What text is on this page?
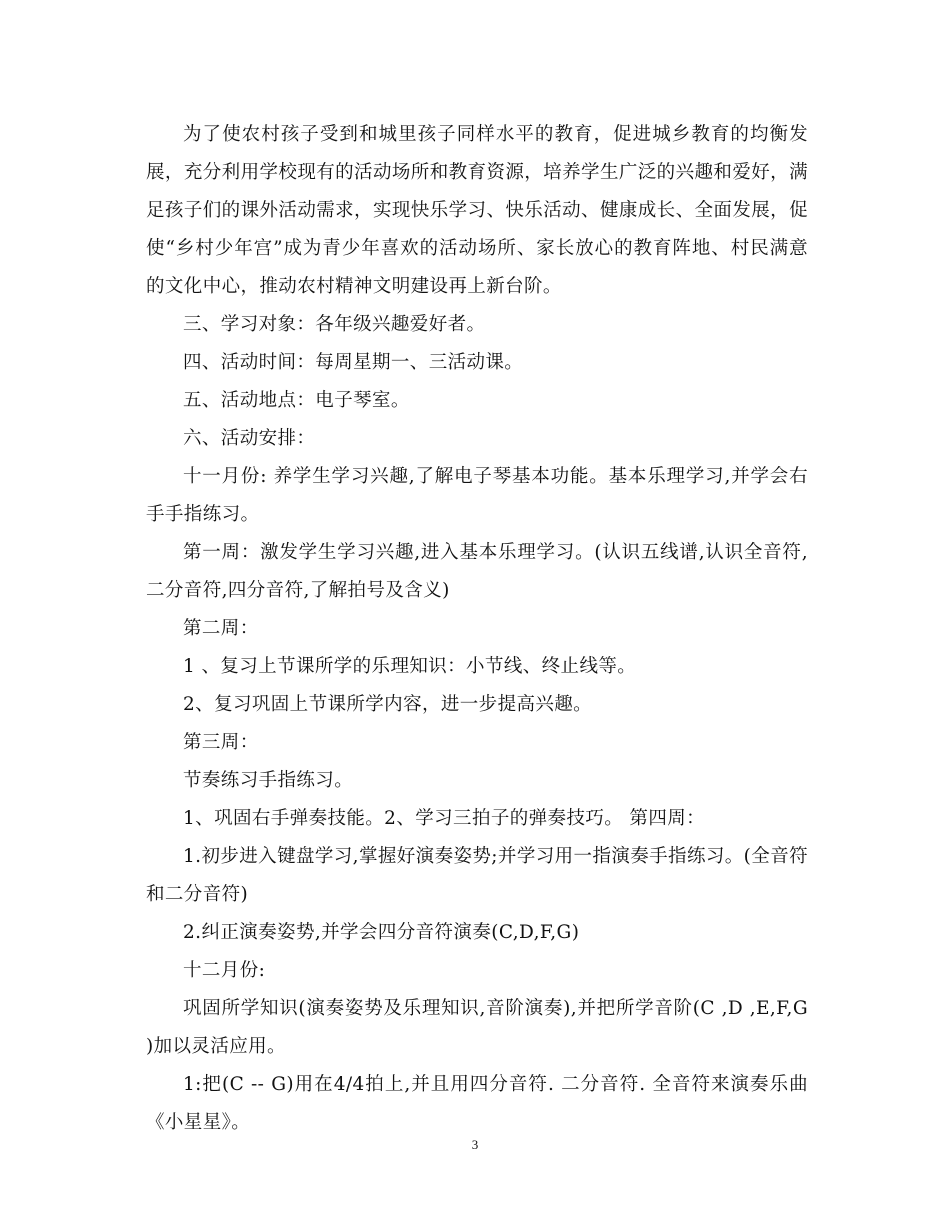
为了使农村孩子受到和城里孩子同样水平的教育，促进城乡教育的均衡发展，充分利用学校现有的活动场所和教育资源，培养学生广泛的兴趣和爱好，满足孩子们的课外活动需求，实现快乐学习、快乐活动、健康成长、全面发展，促使“乡村少年宫”成为青少年喜欢的活动场所、家长放心的教育阵地、村民满意的文化中心，推动农村精神文明建设再上新台阶。

三、学习对象：各年级兴趣爱好者。

四、活动时间：每周星期一、三活动课。

五、活动地点：电子琴室。

六、活动安排：

十一月份: 养学生学习兴趣,了解电子琴基本功能。基本乐理学习,并学会右手手指练习。

第一周：激发学生学习兴趣,进入基本乐理学习。(认识五线谱,认识全音符,二分音符,四分音符,了解拍号及含义)

第二周：

1 、复习上节课所学的乐理知识：小节线、终止线等。

2、复习巩固上节课所学内容，进一步提高兴趣。

第三周：

节奏练习手指练习。

1、巩固右手弹奏技能。2、学习三拍子的弹奏技巧。 第四周：

1.初步进入键盘学习,掌握好演奏姿势;并学习用一指演奏手指练习。(全音符和二分音符)

2.纠正演奏姿势,并学会四分音符演奏(C,D,F,G)

十二月份:

巩固所学知识(演奏姿势及乐理知识,音阶演奏),并把所学音阶(C ,D ,E,F,G )加以灵活应用。

1:把(C -- G)用在4/4拍上,并且用四分音符. 二分音符. 全音符来演奏乐曲《小星星》。

3
